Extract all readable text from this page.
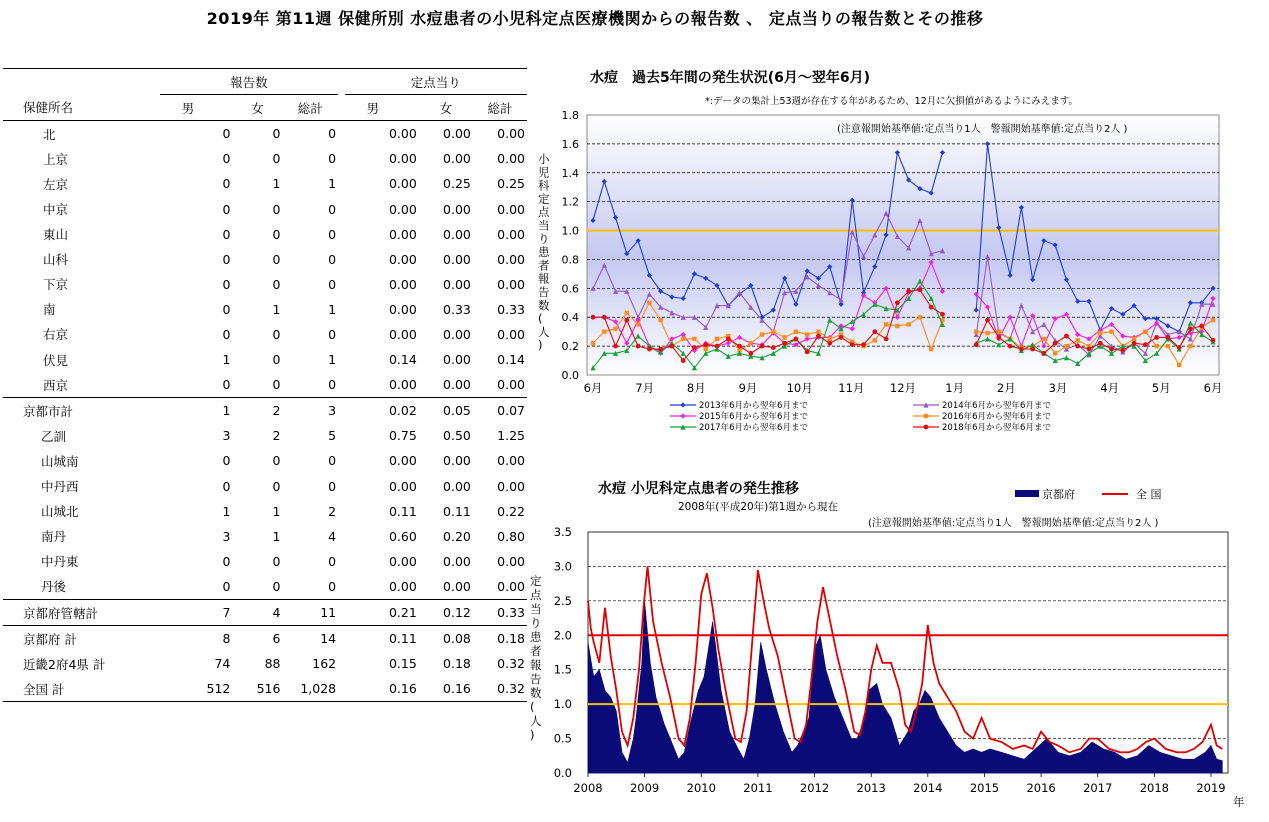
2019年 第11週 保健所別 水痘患者の小児科定点医療機関からの報告数 、 定点当りの報告数とその推移
	報告数				定点当り		
保健所名	男	女	総計		男	女	総計
北	0	0	0		0.00	0.00	0.00
上京	0	0	0		0.00	0.00	0.00
左京	0	1	1		0.00	0.25	0.25
中京	0	0	0		0.00	0.00	0.00
東山	0	0	0		0.00	0.00	0.00
山科	0	0	0		0.00	0.00	0.00
下京	0	0	0		0.00	0.00	0.00
南	0	1	1		0.00	0.33	0.33
右京	0	0	0		0.00	0.00	0.00
伏見	1	0	1		0.14	0.00	0.14
西京	0	0	0		0.00	0.00	0.00
京都市計	1	2	3		0.02	0.05	0.07
乙訓	3	2	5		0.75	0.50	1.25
山城南	0	0	0		0.00	0.00	0.00
中丹西	0	0	0		0.00	0.00	0.00
山城北	1	1	2		0.11	0.11	0.22
南丹	3	1	4		0.60	0.20	0.80
中丹東	0	0	0		0.00	0.00	0.00
丹後	0	0	0		0.00	0.00	0.00
京都府管轄計	7	4	11		0.21	0.12	0.33
京都府 計	8	6	14		0.11	0.08	0.18
近畿2府4県 計	74	88	162		0.15	0.18	0.32
全国 計	512	516	1,028		0.16	0.16	0.32
水痘　過去5年間の発生状況(6月～翌年6月)
*:データの集計上53週が存在する年があるため、12月に欠損値があるようにみえます。
0.0
0.2
0.4
0.6
0.8
1.0
1.2
1.4
1.6
1.8
(注意報開始基準値:定点当り1人　警報開始基準値:定点当り2人 )
小児科定点当り患者報告数(人)
6月	7月	8月	9月	10月 11月 12月	1月	2月	3月	4月	5月	6月
2013年6月から翌年6月まで	2014年6月から翌年6月まで
2015年6月から翌年6月まで	2016年6月から翌年6月まで
2017年6月から翌年6月まで	2018年6月から翌年6月まで
水痘 小児科定点患者の発生推移
2008年(平成20年)第1週から現在
(注意報開始基準値:定点当り1人　警報開始基準値:定点当り2人 )
京都府	全 国
0.0
0.5
1.0
1.5
2.0
2.5
3.0
3.5
定点当り患者報告数(人)
2008 2009 2010 2011 2012 2013 2014 2015 2016 2017 2018 2019
年
